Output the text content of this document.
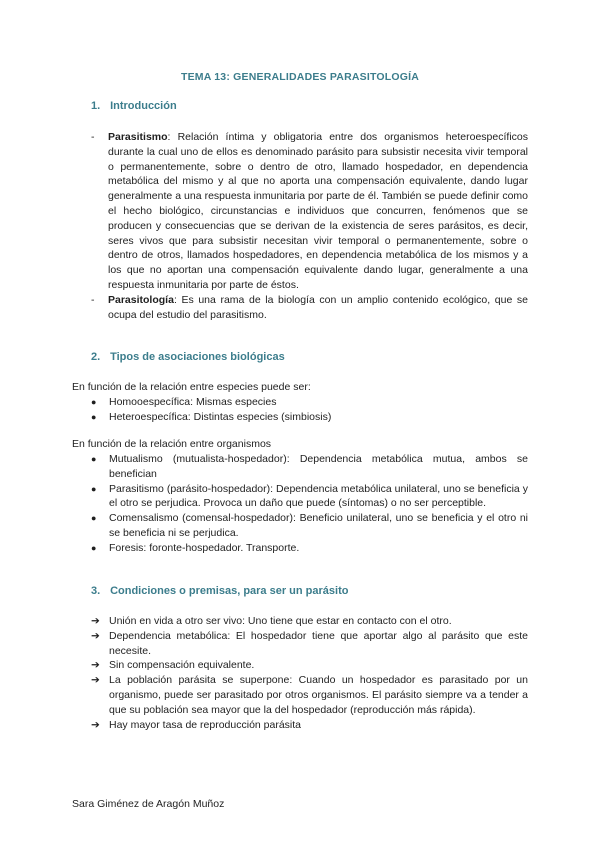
TEMA 13: GENERALIDADES PARASITOLOGÍA
1. Introducción
- Parasitismo: Relación íntima y obligatoria entre dos organismos heteroespecíficos durante la cual uno de ellos es denominado parásito para subsistir necesita vivir temporal o permanentemente, sobre o dentro de otro, llamado hospedador, en dependencia metabólica del mismo y al que no aporta una compensación equivalente, dando lugar generalmente a una respuesta inmunitaria por parte de él. También se puede definir como el hecho biológico, circunstancias e individuos que concurren, fenómenos que se producen y consecuencias que se derivan de la existencia de seres parásitos, es decir, seres vivos que para subsistir necesitan vivir temporal o permanentemente, sobre o dentro de otros, llamados hospedadores, en dependencia metabólica de los mismos y a los que no aportan una compensación equivalente dando lugar, generalmente a una respuesta inmunitaria por parte de éstos.
- Parasitología: Es una rama de la biología con un amplio contenido ecológico, que se ocupa del estudio del parasitismo.
2. Tipos de asociaciones biológicas
En función de la relación entre especies puede ser:
● Homooespecífica: Mismas especies
● Heteroespecífica: Distintas especies (simbiosis)
En función de la relación entre organismos
● Mutualismo (mutualista-hospedador): Dependencia metabólica mutua, ambos se benefician
● Parasitismo (parásito-hospedador): Dependencia metabólica unilateral, uno se beneficia y el otro se perjudica. Provoca un daño que puede (síntomas) o no ser perceptible.
● Comensalismo (comensal-hospedador): Beneficio unilateral, uno se beneficia y el otro ni se beneficia ni se perjudica.
● Foresis: foronte-hospedador. Transporte.
3. Condiciones o premisas, para ser un parásito
➔ Unión en vida a otro ser vivo: Uno tiene que estar en contacto con el otro.
➔ Dependencia metabólica: El hospedador tiene que aportar algo al parásito que este necesite.
➔ Sin compensación equivalente.
➔ La población parásita se superpone: Cuando un hospedador es parasitado por un organismo, puede ser parasitado por otros organismos. El parásito siempre va a tender a que su población sea mayor que la del hospedador (reproducción más rápida).
➔ Hay mayor tasa de reproducción parásita
Sara Giménez de Aragón Muñoz
